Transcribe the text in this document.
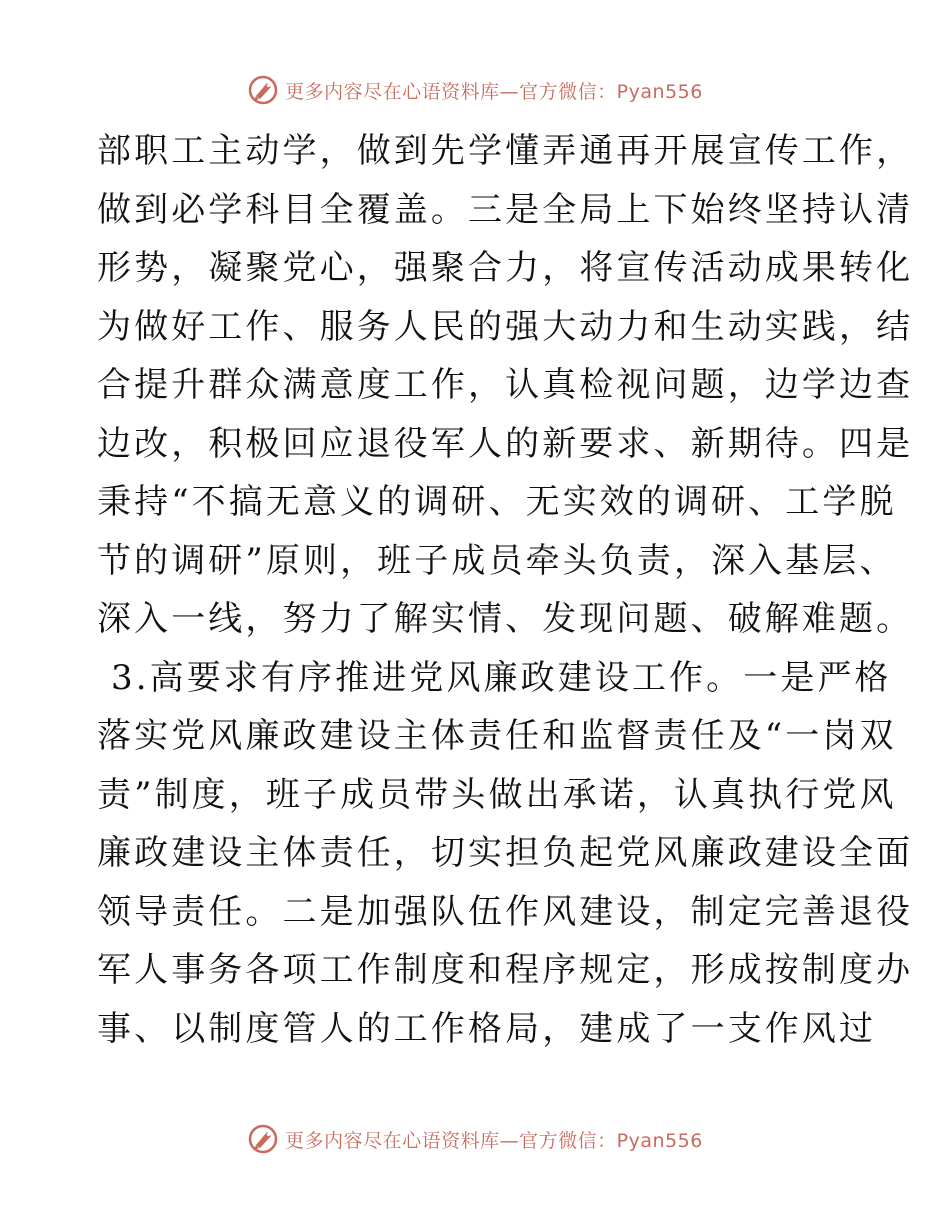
更多内容尽在心语资料库—官方微信：Pyan556

部职工主动学，做到先学懂弄通再开展宣传工作，
做到必学科目全覆盖。三是全局上下始终坚持认清
形势，凝聚党心，强聚合力，将宣传活动成果转化
为做好工作、服务人民的强大动力和生动实践，结
合提升群众满意度工作，认真检视问题，边学边查
边改，积极回应退役军人的新要求、新期待。四是
秉持“不搞无意义的调研、无实效的调研、工学脱
节的调研”原则，班子成员牵头负责，深入基层、
深入一线，努力了解实情、发现问题、破解难题。

3.高要求有序推进党风廉政建设工作。一是严格
落实党风廉政建设主体责任和监督责任及“一岗双
责”制度，班子成员带头做出承诺，认真执行党风
廉政建设主体责任，切实担负起党风廉政建设全面
领导责任。二是加强队伍作风建设，制定完善退役
军人事务各项工作制度和程序规定，形成按制度办
事、以制度管人的工作格局，建成了一支作风过

更多内容尽在心语资料库—官方微信：Pyan556
